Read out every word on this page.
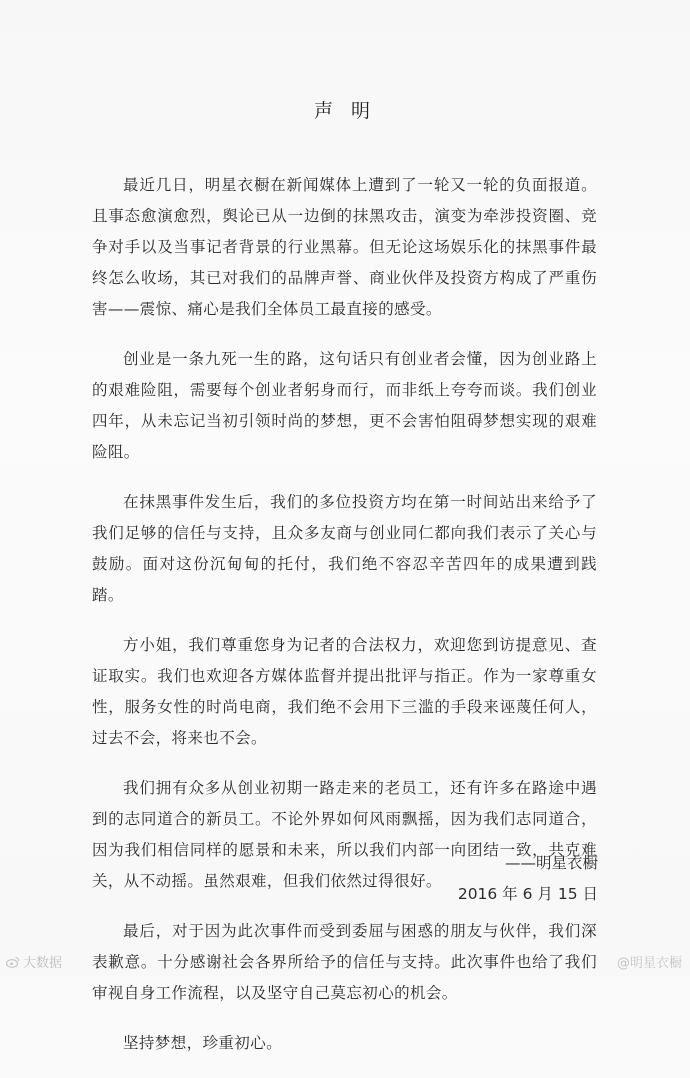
声 明

最近几日，明星衣橱在新闻媒体上遭到了一轮又一轮的负面报道。且事态愈演愈烈，舆论已从一边倒的抹黑攻击，演变为牵涉投资圈、竞争对手以及当事记者背景的行业黑幕。但无论这场娱乐化的抹黑事件最终怎么收场，其已对我们的品牌声誉、商业伙伴及投资方构成了严重伤害——震惊、痛心是我们全体员工最直接的感受。

创业是一条九死一生的路，这句话只有创业者会懂，因为创业路上的艰难险阻，需要每个创业者躬身而行，而非纸上夸夸而谈。我们创业四年，从未忘记当初引领时尚的梦想，更不会害怕阻碍梦想实现的艰难险阻。

在抹黑事件发生后，我们的多位投资方均在第一时间站出来给予了我们足够的信任与支持，且众多友商与创业同仁都向我们表示了关心与鼓励。面对这份沉甸甸的托付，我们绝不容忍辛苦四年的成果遭到践踏。

方小姐，我们尊重您身为记者的合法权力，欢迎您到访提意见、查证取实。我们也欢迎各方媒体监督并提出批评与指正。作为一家尊重女性，服务女性的时尚电商，我们绝不会用下三滥的手段来诬蔑任何人，过去不会，将来也不会。

我们拥有众多从创业初期一路走来的老员工，还有许多在路途中遇到的志同道合的新员工。不论外界如何风雨飘摇，因为我们志同道合，因为我们相信同样的愿景和未来，所以我们内部一向团结一致，共克难关，从不动摇。虽然艰难，但我们依然过得很好。

最后，对于因为此次事件而受到委屈与困惑的朋友与伙伴，我们深表歉意。十分感谢社会各界所给予的信任与支持。此次事件也给了我们审视自身工作流程，以及坚守自己莫忘初心的机会。

坚持梦想，珍重初心。

——明星衣橱
2016 年 6 月 15 日
大数据	@明星衣橱
